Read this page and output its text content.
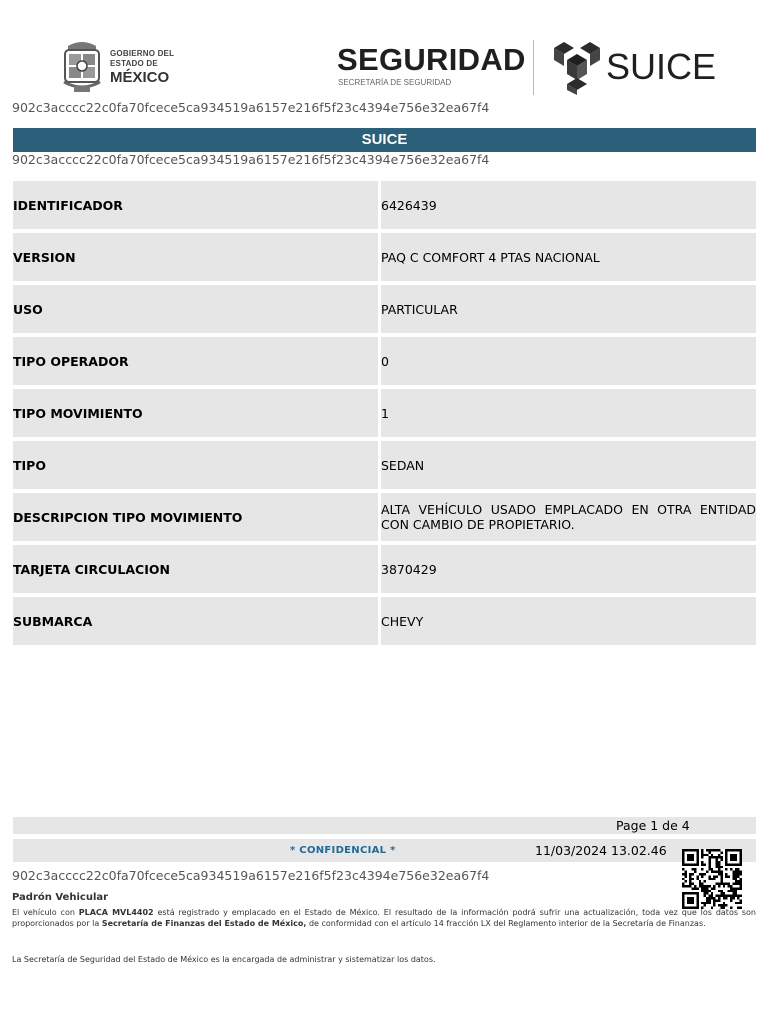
GOBIERNO DEL
ESTADO DE
MÉXICO
SEGURIDAD
SECRETARÍA DE SEGURIDAD	SUICE
902c3acccc22c0fa70fcece5ca934519a6157e216f5f23c4394e756e32ea67f4
SUICE
902c3acccc22c0fa70fcece5ca934519a6157e216f5f23c4394e756e32ea67f4
IDENTIFICADOR	6426439
VERSION	PAQ C COMFORT 4 PTAS NACIONAL
USO	PARTICULAR
TIPO OPERADOR	0
TIPO MOVIMIENTO	1
TIPO	SEDAN
DESCRIPCION TIPO MOVIMIENTO	ALTA VEHÍCULO USADO EMPLACADO EN OTRA ENTIDAD CON CAMBIO DE PROPIETARIO.
TARJETA CIRCULACION	3870429
SUBMARCA	CHEVY
Page 1 de 4
* CONFIDENCIAL *	11/03/2024 13.02.46
902c3acccc22c0fa70fcece5ca934519a6157e216f5f23c4394e756e32ea67f4
Padrón Vehicular
El vehículo con PLACA MVL4402 está registrado y emplacado en el Estado de México. El resultado de la información podrá sufrir una actualización, toda vez que los datos son proporcionados por la Secretaría de Finanzas del Estado de México, de conformidad con el artículo 14 fracción LX del Reglamento interior de la Secretaría de Finanzas.
La Secretaría de Seguridad del Estado de México es la encargada de administrar y sistematizar los datos.
